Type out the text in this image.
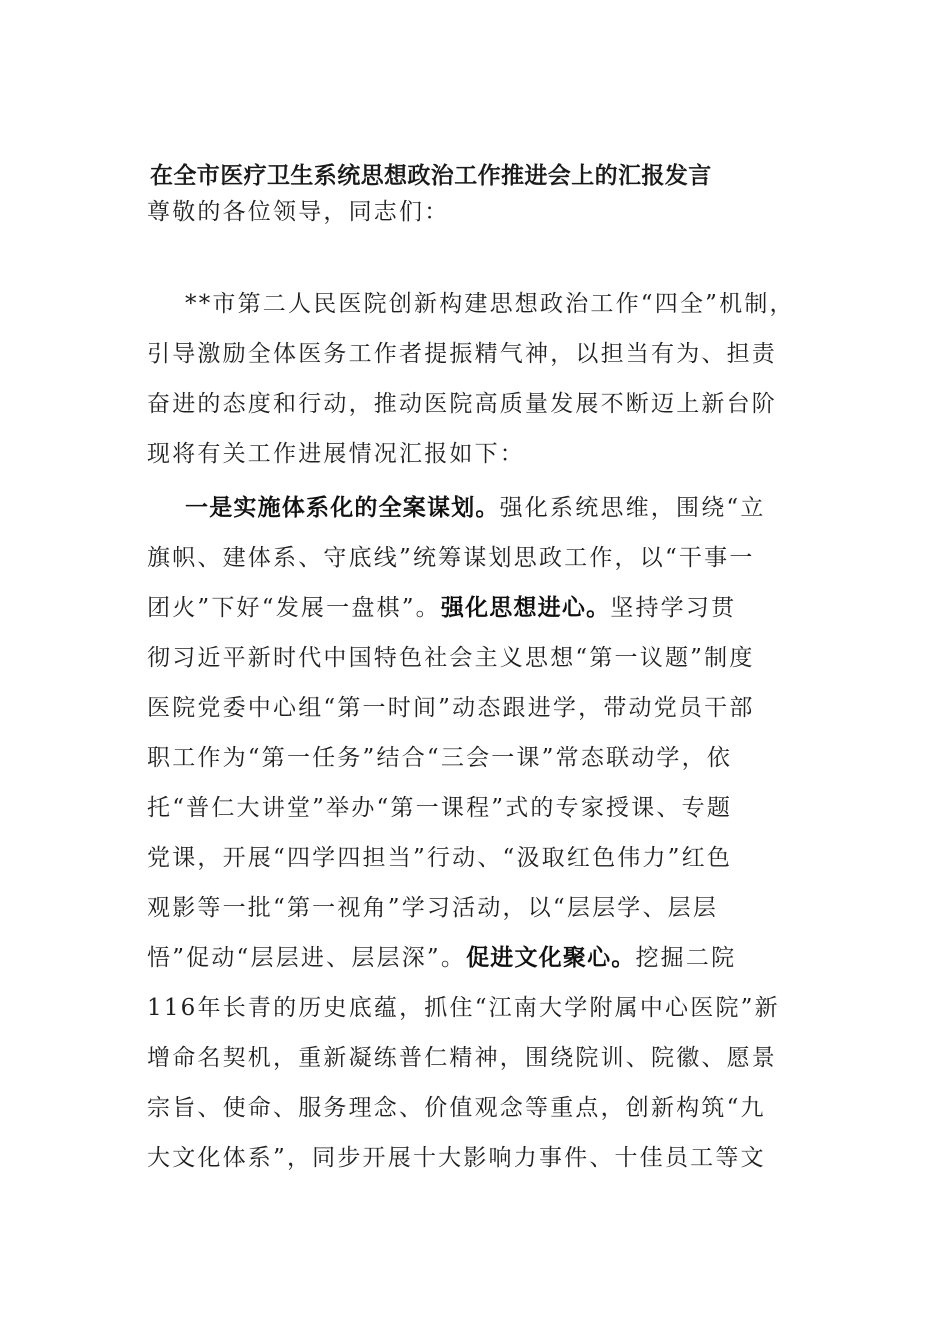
在全市医疗卫生系统思想政治工作推进会上的汇报发言
尊敬的各位领导，同志们：
**市第二人民医院创新构建思想政治工作“四全”机制，
引导激励全体医务工作者提振精气神，以担当有为、担责
奋进的态度和行动，推动医院高质量发展不断迈上新台阶
现将有关工作进展情况汇报如下：
一是实施体系化的全案谋划。强化系统思维，围绕“立
旗帜、建体系、守底线”统筹谋划思政工作，以“干事一
团火”下好“发展一盘棋”。强化思想进心。坚持学习贯
彻习近平新时代中国特色社会主义思想“第一议题”制度
医院党委中心组“第一时间”动态跟进学，带动党员干部
职工作为“第一任务”结合“三会一课”常态联动学，依
托“普仁大讲堂”举办“第一课程”式的专家授课、专题
党课，开展“四学四担当”行动、“汲取红色伟力”红色
观影等一批“第一视角”学习活动，以“层层学、层层
悟”促动“层层进、层层深”。促进文化聚心。挖掘二院
116年长青的历史底蕴，抓住“江南大学附属中心医院”新
增命名契机，重新凝练普仁精神，围绕院训、院徽、愿景
宗旨、使命、服务理念、价值观念等重点，创新构筑“九
大文化体系”，同步开展十大影响力事件、十佳员工等文
